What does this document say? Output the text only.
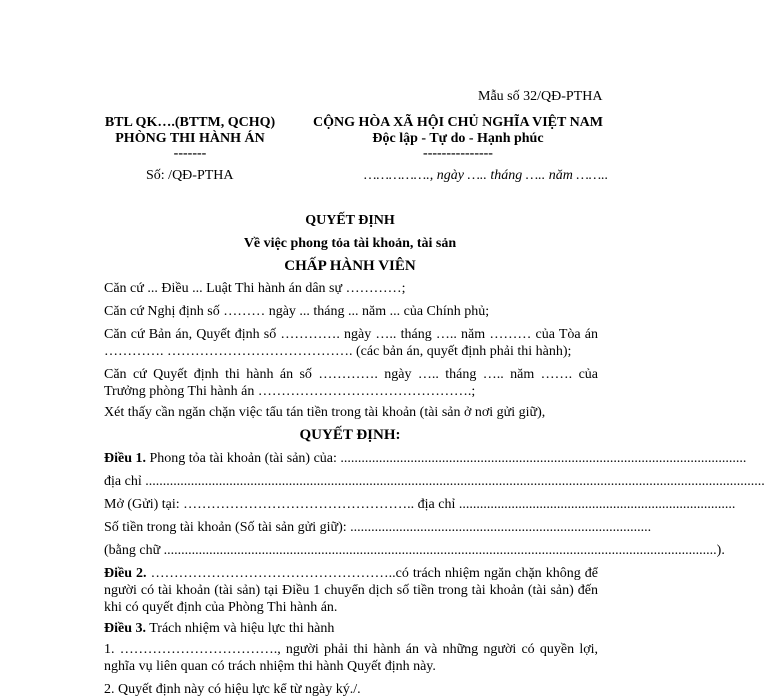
Mẫu số 32/QĐ-PTHA
BTL QK….(BTTM, QCHQ)
PHÒNG THI HÀNH ÁN
-------
Số: /QĐ-PTHA
CỘNG HÒA XÃ HỘI CHỦ NGHĨA VIỆT NAM
Độc lập - Tự do - Hạnh phúc
---------------
……………., ngày ….. tháng ….. năm ……..
QUYẾT ĐỊNH
Về việc phong tỏa tài khoản, tài sản
CHẤP HÀNH VIÊN
Căn cứ ... Điều ... Luật Thi hành án dân sự …………;
Căn cứ Nghị định số ……… ngày ... tháng ... năm ... của Chính phủ;
Căn cứ Bản án, Quyết định số …………. ngày ….. tháng ….. năm ……… của Tòa án …………. …………………………………. (các bản án, quyết định phải thi hành);
Căn cứ Quyết định thi hành án số …………. ngày ….. tháng ….. năm ……. của Trưởng phòng Thi hành án ……………………………………….;
Xét thấy cần ngăn chặn việc tẩu tán tiền trong tài khoản (tài sản ở nơi gửi giữ),
QUYẾT ĐỊNH:
Điều 1. Phong tỏa tài khoản (tài sản) của: ....................................................................................................................
địa chỉ .................................................................................................................................................................................
Mở (Gửi) tại: ………………………………………….. địa chỉ ...............................................................................
Số tiền trong tài khoản (Số tài sản gửi giữ): ......................................................................................
(bằng chữ ..............................................................................................................................................................).
Điều 2. ……………………………………………..có trách nhiệm ngăn chặn không để người có tài khoản (tài sản) tại Điều 1 chuyển dịch số tiền trong tài khoản (tài sản) đến khi có quyết định của Phòng Thi hành án.
Điều 3. Trách nhiệm và hiệu lực thi hành
1. ……………………………., người phải thi hành án và những người có quyền lợi, nghĩa vụ liên quan có trách nhiệm thi hành Quyết định này.
2. Quyết định này có hiệu lực kể từ ngày ký./.
